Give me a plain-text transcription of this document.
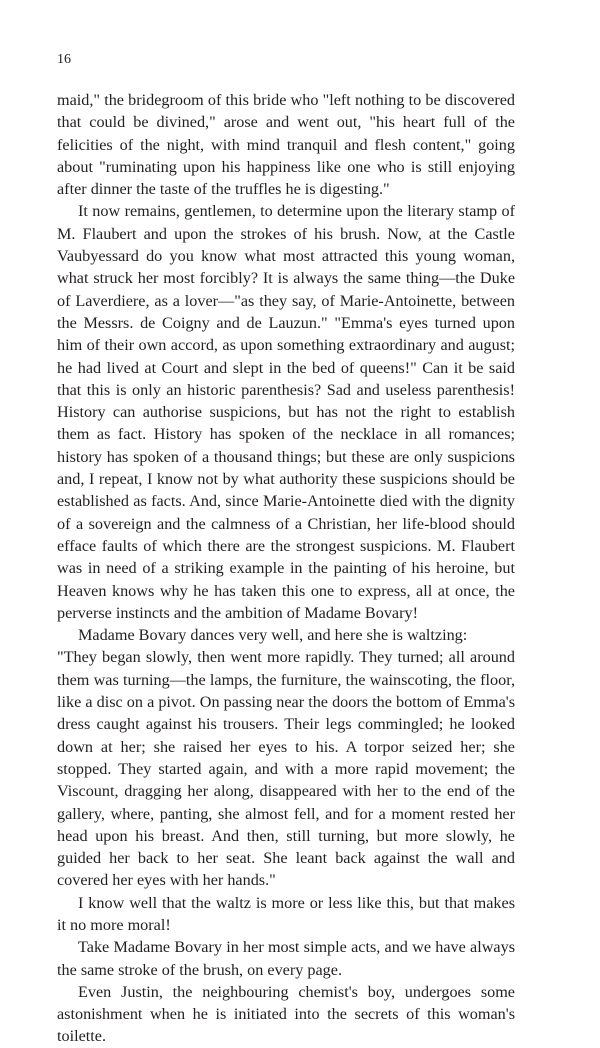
16

maid," the bridegroom of this bride who "left nothing to be discovered that could be divined," arose and went out, "his heart full of the felicities of the night, with mind tranquil and flesh content," going about "ruminating upon his happiness like one who is still enjoying after dinner the taste of the truffles he is digesting."

It now remains, gentlemen, to determine upon the literary stamp of M. Flaubert and upon the strokes of his brush. Now, at the Castle Vaubyessard do you know what most attracted this young woman, what struck her most forcibly? It is always the same thing—the Duke of Laverdiere, as a lover—"as they say, of Marie-Antoinette, between the Messrs. de Coigny and de Lauzun." "Emma's eyes turned upon him of their own accord, as upon something extraordinary and august; he had lived at Court and slept in the bed of queens!" Can it be said that this is only an historic parenthesis? Sad and useless parenthesis! History can authorise suspicions, but has not the right to establish them as fact. History has spoken of the necklace in all romances; history has spoken of a thousand things; but these are only suspicions and, I repeat, I know not by what authority these suspicions should be established as facts. And, since Marie-Antoinette died with the dignity of a sovereign and the calmness of a Christian, her life-blood should efface faults of which there are the strongest suspicions. M. Flaubert was in need of a striking example in the painting of his heroine, but Heaven knows why he has taken this one to express, all at once, the perverse instincts and the ambition of Madame Bovary!

Madame Bovary dances very well, and here she is waltzing:

"They began slowly, then went more rapidly. They turned; all around them was turning—the lamps, the furniture, the wainscoting, the floor, like a disc on a pivot. On passing near the doors the bottom of Emma's dress caught against his trousers. Their legs commingled; he looked down at her; she raised her eyes to his. A torpor seized her; she stopped. They started again, and with a more rapid movement; the Viscount, dragging her along, disappeared with her to the end of the gallery, where, panting, she almost fell, and for a moment rested her head upon his breast. And then, still turning, but more slowly, he guided her back to her seat. She leant back against the wall and covered her eyes with her hands."

I know well that the waltz is more or less like this, but that makes it no more moral!

Take Madame Bovary in her most simple acts, and we have always the same stroke of the brush, on every page.

Even Justin, the neighbouring chemist's boy, undergoes some astonishment when he is initiated into the secrets of this woman's toilette.
